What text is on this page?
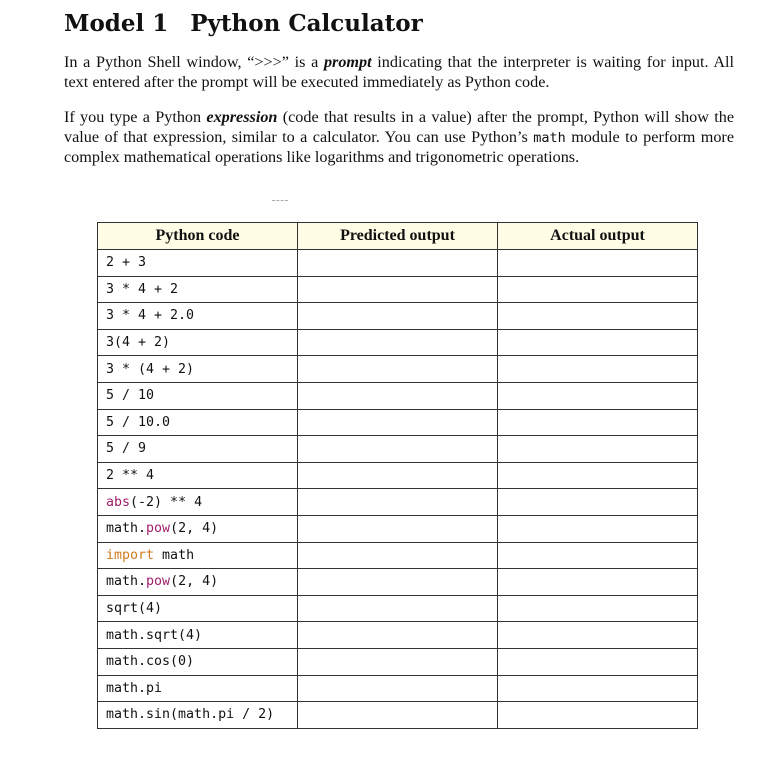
Model 1 Python Calculator

In a Python Shell window, “>>>” is a prompt indicating that the interpreter is waiting for input. All text entered after the prompt will be executed immediately as Python code.

If you type a Python expression (code that results in a value) after the prompt, Python will show the value of that expression, similar to a calculator. You can use Python’s math module to perform more complex mathematical operations like logarithms and trigonometric operations.

Python code	Predicted output	Actual output
2 + 3		
3 * 4 + 2		
3 * 4 + 2.0		
3(4 + 2)		
3 * (4 + 2)		
5 / 10		
5 / 10.0		
5 / 9		
2 ** 4		
abs(-2) ** 4		
math.pow(2, 4)		
import math		
math.pow(2, 4)		
sqrt(4)		
math.sqrt(4)		
math.cos(0)		
math.pi		
math.sin(math.pi / 2)		
